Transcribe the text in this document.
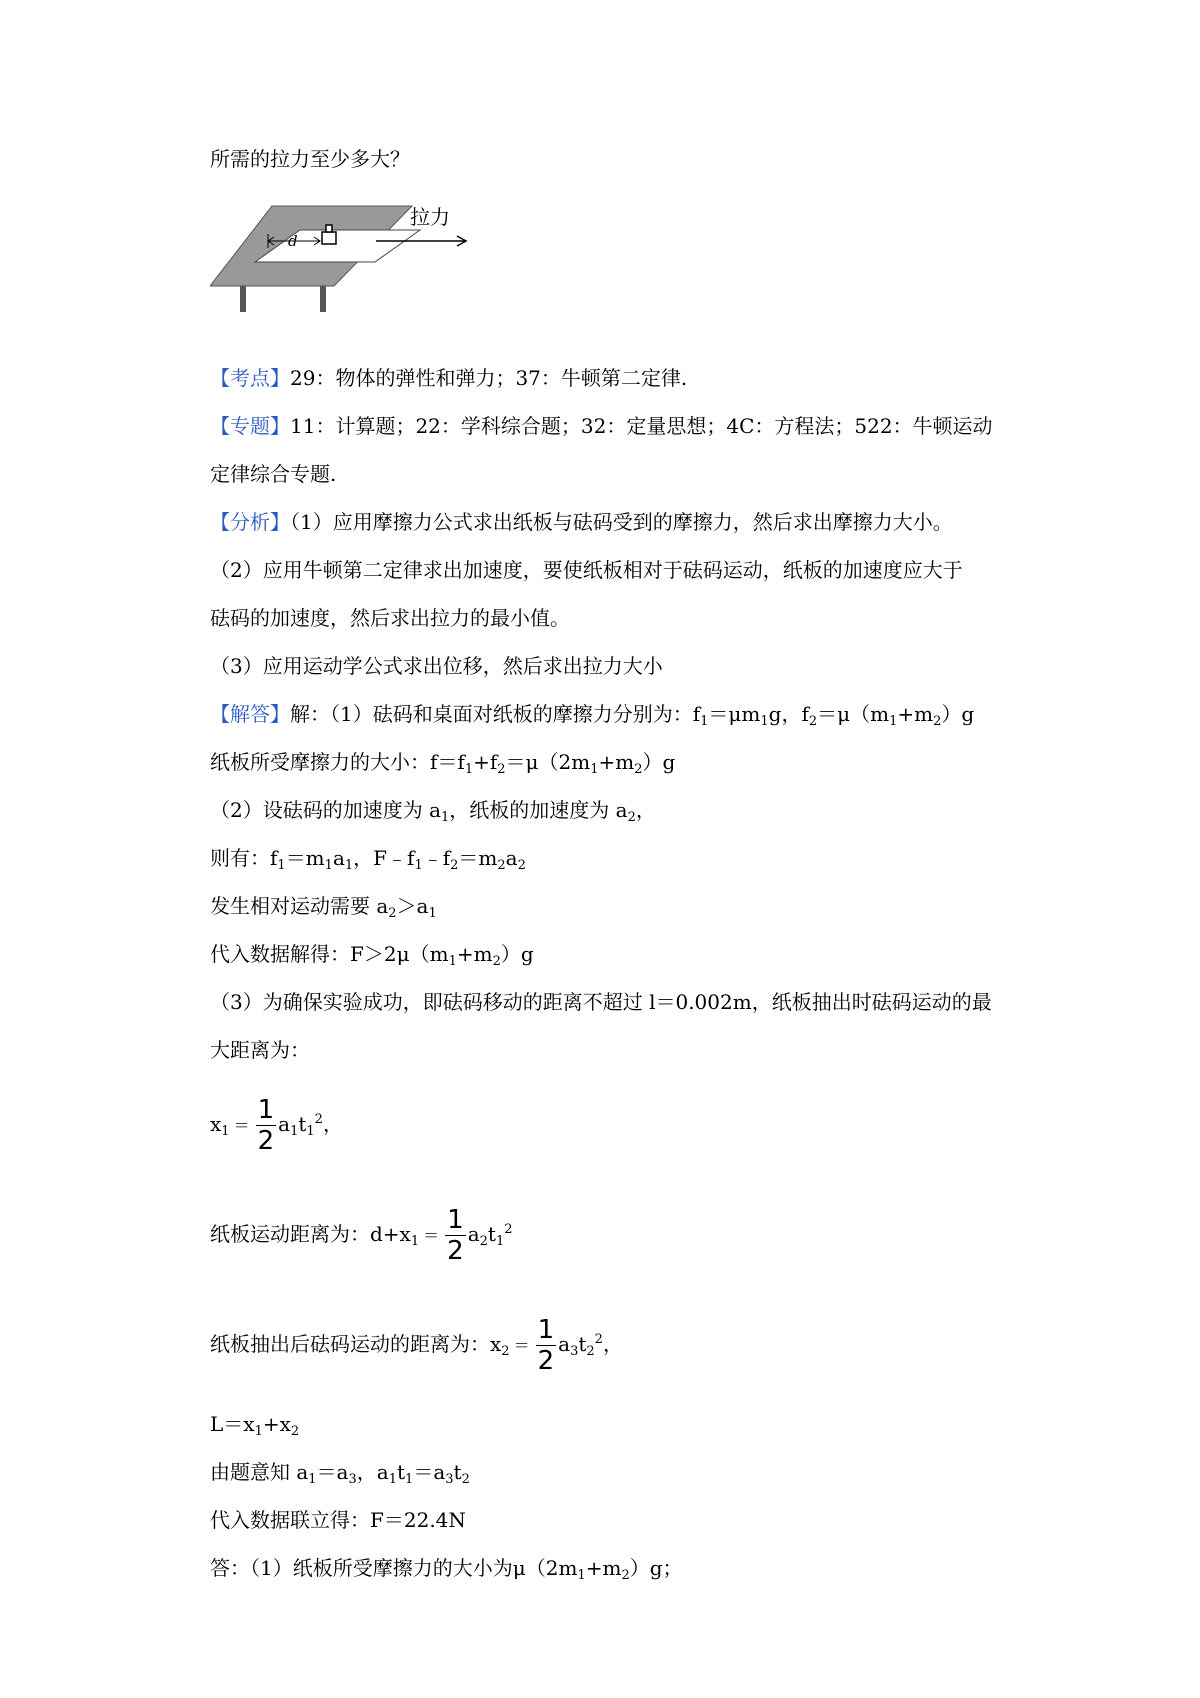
所需的拉力至少多大？
d
拉力
【考点】29：物体的弹性和弹力；37：牛顿第二定律.
【专题】11：计算题；22：学科综合题；32：定量思想；4C：方程法；522：牛顿运动
定律综合专题.
【分析】（1）应用摩擦力公式求出纸板与砝码受到的摩擦力，然后求出摩擦力大小。
（2）应用牛顿第二定律求出加速度，要使纸板相对于砝码运动，纸板的加速度应大于
砝码的加速度，然后求出拉力的最小值。
（3）应用运动学公式求出位移，然后求出拉力大小
【解答】解：（1）砝码和桌面对纸板的摩擦力分别为：$f_1=\mu m_1g$，$f_2=\mu(m_1+m_2)g$
纸板所受摩擦力的大小：$f=f_1+f_2=\mu(2m_1+m_2)g$
（2）设砝码的加速度为 $a_1$，纸板的加速度为 $a_2$，
则有：$f_1=m_1a_1$，$F﹣f_1﹣f_2=m_2a_2$
发生相对运动需要 $a_2>a_1$
代入数据解得：$F>2\mu(m_1+m_2)g$
（3）为确保实验成功，即砝码移动的距离不超过 l＝0.002m，纸板抽出时砝码运动的最
大距离为：
$x_1 = \frac{1}{2} a_1t_1^2$，
纸板运动距离为：$d+x_1 = \frac{1}{2} a_2t_1^2$
纸板抽出后砝码运动的距离为：$x_2 = \frac{1}{2} a_3t_2^2$，
$L=x_1+x_2$
由题意知 $a_1=a_3$，$a_1t_1=a_3t_2$
代入数据联立得：F＝22.4N
答：（1）纸板所受摩擦力的大小为$\mu(2m_1+m_2)g$；
